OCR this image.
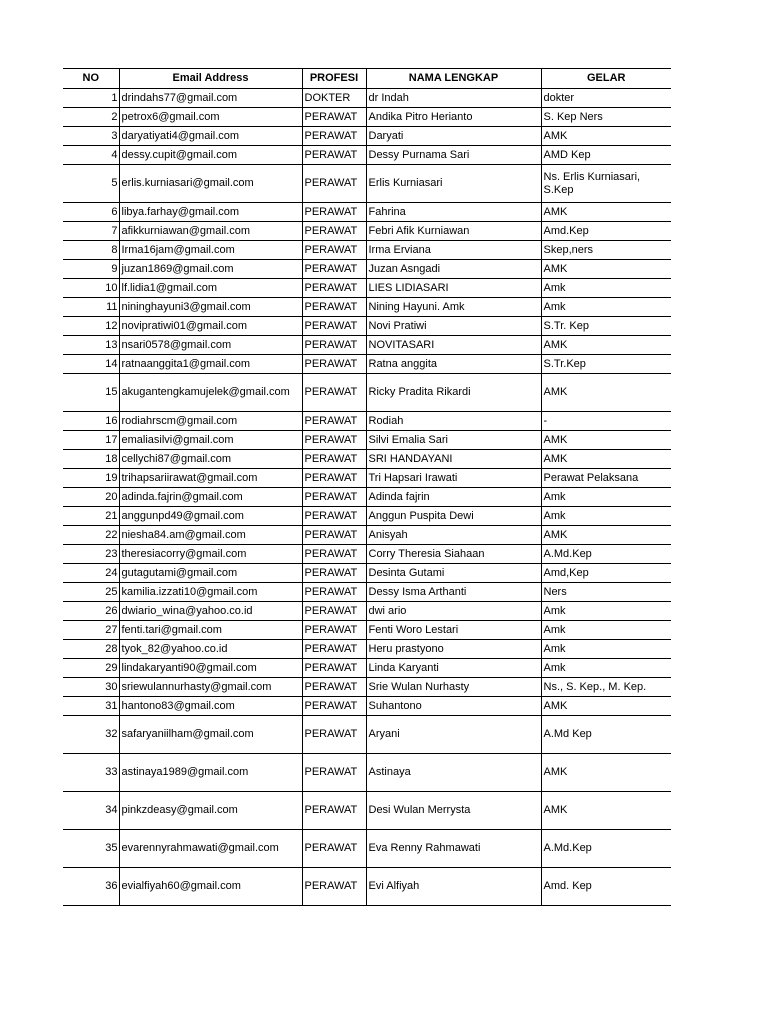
NO	Email Address	PROFESI	NAMA LENGKAP	GELAR
1	drindahs77@gmail.com	DOKTER	dr Indah	dokter
2	petrox6@gmail.com	PERAWAT	Andika Pitro Herianto	S. Kep Ners
3	daryatiyati4@gmail.com	PERAWAT	Daryati	AMK
4	dessy.cupit@gmail.com	PERAWAT	Dessy Purnama Sari	AMD Kep
5	erlis.kurniasari@gmail.com	PERAWAT	Erlis Kurniasari	Ns. Erlis Kurniasari, S.Kep
6	libya.farhay@gmail.com	PERAWAT	Fahrina	AMK
7	afikkurniawan@gmail.com	PERAWAT	Febri Afik Kurniawan	Amd.Kep
8	Irma16jam@gmail.com	PERAWAT	Irma Erviana	Skep,ners
9	juzan1869@gmail.com	PERAWAT	Juzan Asngadi	AMK
10	lf.lidia1@gmail.com	PERAWAT	LIES LIDIASARI	Amk
11	nininghayuni3@gmail.com	PERAWAT	Nining Hayuni. Amk	Amk
12	novipratiwi01@gmail.com	PERAWAT	Novi Pratiwi	S.Tr. Kep
13	nsari0578@gmail.com	PERAWAT	NOVITASARI	AMK
14	ratnaanggita1@gmail.com	PERAWAT	Ratna anggita	S.Tr.Kep
15	akugantengkamujelek@gmail.com	PERAWAT	Ricky Pradita Rikardi	AMK
16	rodiahrscm@gmail.com	PERAWAT	Rodiah	-
17	emaliasilvi@gmail.com	PERAWAT	Silvi Emalia Sari	AMK
18	cellychi87@gmail.com	PERAWAT	SRI HANDAYANI	AMK
19	trihapsariirawat@gmail.com	PERAWAT	Tri Hapsari Irawati	Perawat Pelaksana
20	adinda.fajrin@gmail.com	PERAWAT	Adinda fajrin	Amk
21	anggunpd49@gmail.com	PERAWAT	Anggun Puspita Dewi	Amk
22	niesha84.am@gmail.com	PERAWAT	Anisyah	AMK
23	theresiacorry@gmail.com	PERAWAT	Corry Theresia Siahaan	A.Md.Kep
24	gutagutami@gmail.com	PERAWAT	Desinta Gutami	Amd,Kep
25	kamilia.izzati10@gmail.com	PERAWAT	Dessy Isma Arthanti	Ners
26	dwiario_wina@yahoo.co.id	PERAWAT	dwi ario	Amk
27	fenti.tari@gmail.com	PERAWAT	Fenti Woro Lestari	Amk
28	tyok_82@yahoo.co.id	PERAWAT	Heru prastyono	Amk
29	lindakaryanti90@gmail.com	PERAWAT	Linda Karyanti	Amk
30	sriewulannurhasty@gmail.com	PERAWAT	Srie Wulan Nurhasty	Ns., S. Kep., M. Kep.
31	hantono83@gmail.com	PERAWAT	Suhantono	AMK
32	safaryaniilham@gmail.com	PERAWAT	Aryani	A.Md Kep
33	astinaya1989@gmail.com	PERAWAT	Astinaya	AMK
34	pinkzdeasy@gmail.com	PERAWAT	Desi Wulan Merrysta	AMK
35	evarennyrahmawati@gmail.com	PERAWAT	Eva Renny Rahmawati	A.Md.Kep
36	evialfiyah60@gmail.com	PERAWAT	Evi Alfiyah	Amd. Kep
